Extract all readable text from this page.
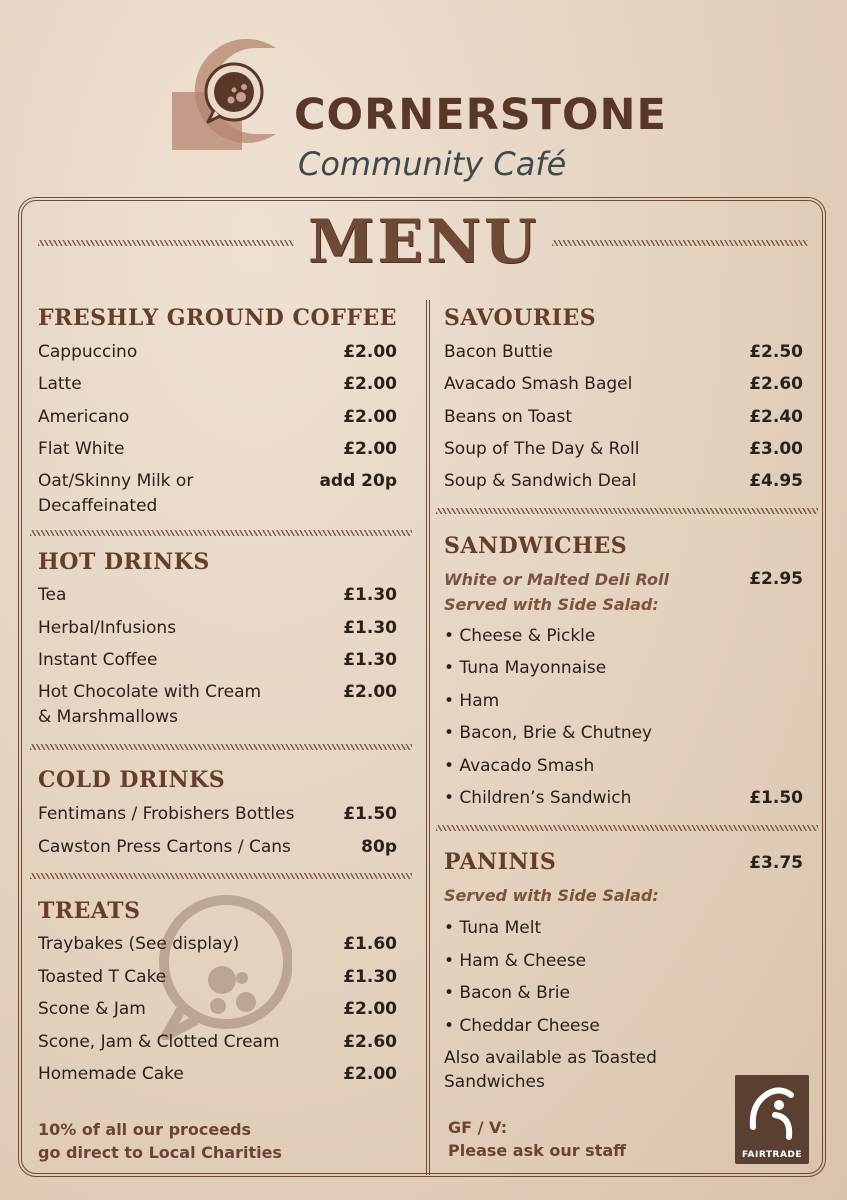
CORNERSTONE
Community Café
MENU
FRESHLY GROUND COFFEE
Cappuccino	£2.00
Latte	£2.00
Americano	£2.00
Flat White	£2.00
Oat/Skinny Milk or
Decaffeinated
add 20p
HOT DRINKS
Tea	£1.30
Herbal/Infusions	£1.30
Instant Coffee	£1.30
Hot Chocolate with Cream
& Marshmallows
£2.00
COLD DRINKS
Fentimans / Frobishers Bottles	£1.50
Cawston Press Cartons / Cans	80p
TREATS
Traybakes (See display)	£1.60
Toasted T Cake	£1.30
Scone & Jam	£2.00
Scone, Jam & Clotted Cream	£2.60
Homemade Cake	£2.00
10% of all our proceeds
go direct to Local Charities
SAVOURIES
Bacon Buttie	£2.50
Avacado Smash Bagel	£2.60
Beans on Toast	£2.40
Soup of The Day & Roll	£3.00
Soup & Sandwich Deal	£4.95
SANDWICHES
White or Malted Deli Roll
Served with Side Salad:
£2.95
• Cheese & Pickle
• Tuna Mayonnaise
• Ham
• Bacon, Brie & Chutney
• Avacado Smash
• Children’s Sandwich	£1.50
PANINIS	£3.75
Served with Side Salad:
• Tuna Melt
• Ham & Cheese
• Bacon & Brie
• Cheddar Cheese
Also available as Toasted
Sandwiches
GF / V:
Please ask our staff	FAIRTRADE
